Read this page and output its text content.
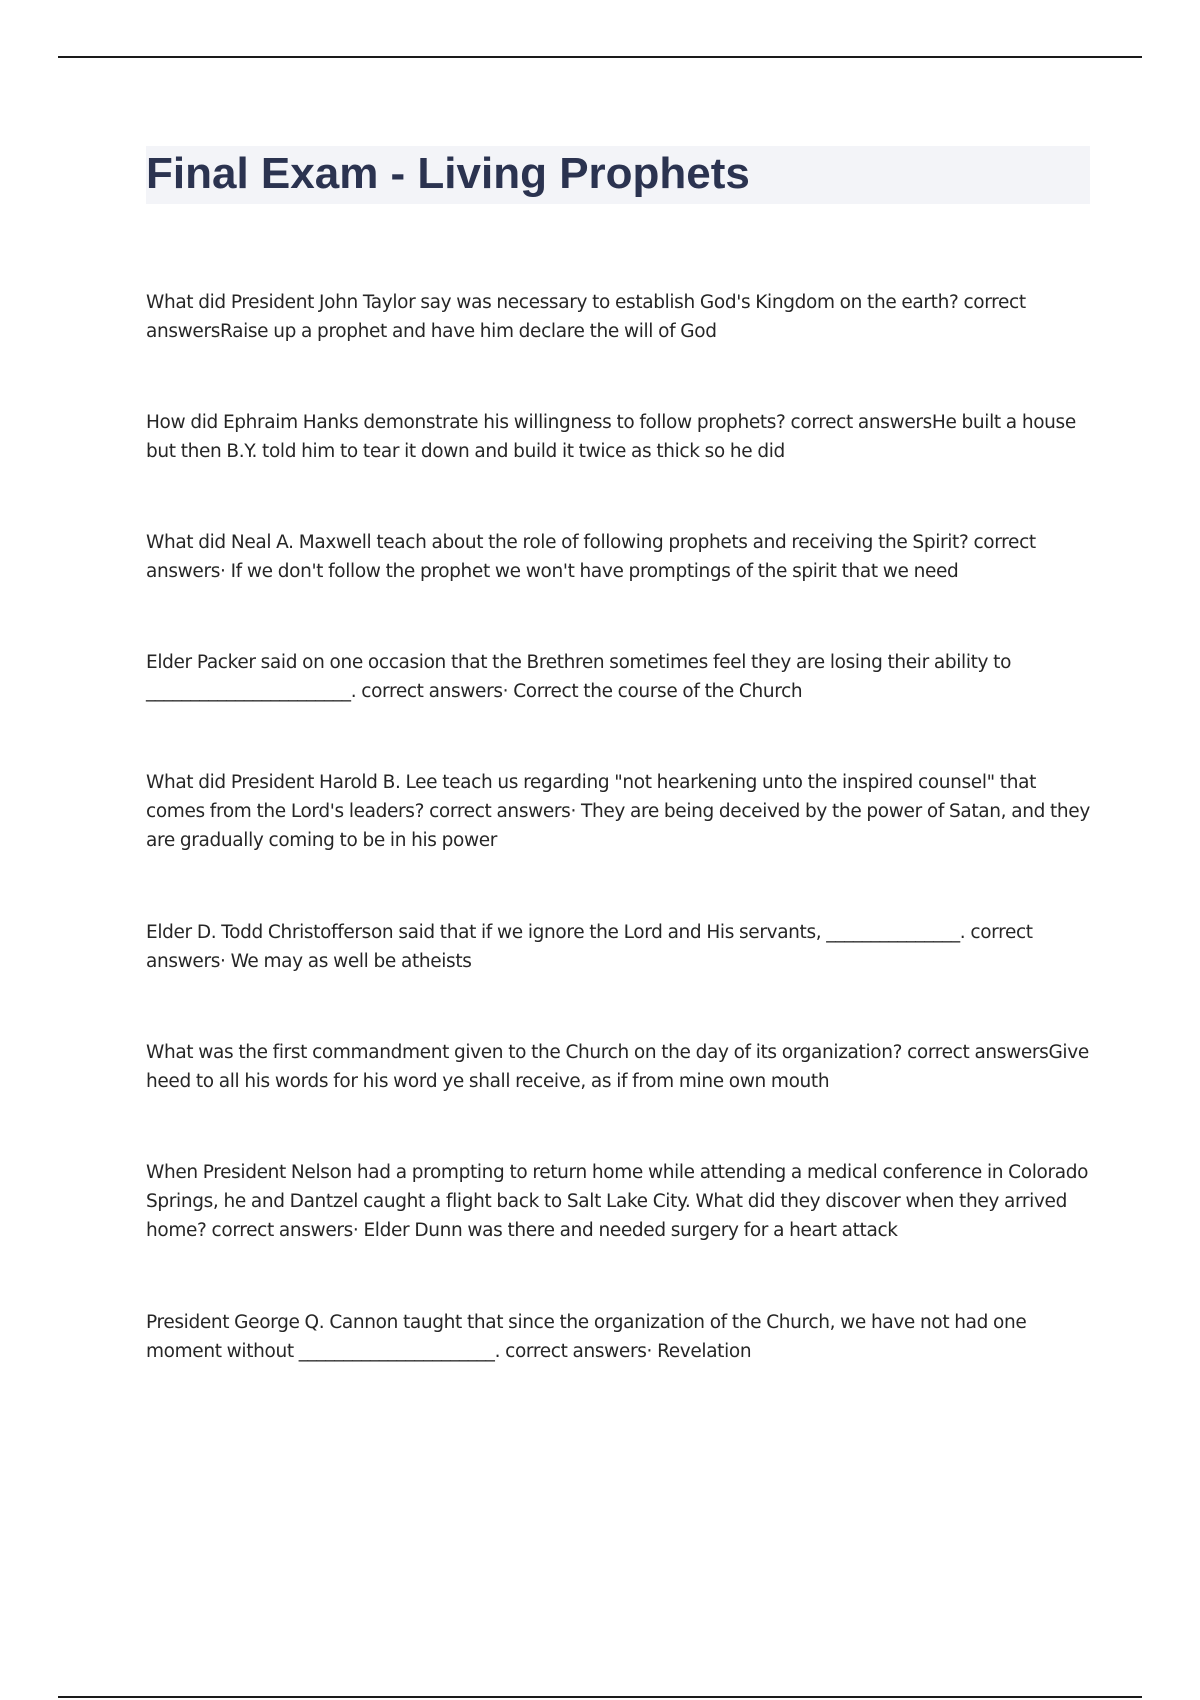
Final Exam - Living Prophets
What did President John Taylor say was necessary to establish God's Kingdom on the earth? correct answersRaise up a prophet and have him declare the will of God
How did Ephraim Hanks demonstrate his willingness to follow prophets? correct answersHe built a house but then B.Y. told him to tear it down and build it twice as thick so he did
What did Neal A. Maxwell teach about the role of following prophets and receiving the Spirit? correct answers· If we don't follow the prophet we won't have promptings of the spirit that we need
Elder Packer said on one occasion that the Brethren sometimes feel they are losing their ability to _______________________. correct answers· Correct the course of the Church
What did President Harold B. Lee teach us regarding "not hearkening unto the inspired counsel" that comes from the Lord's leaders? correct answers· They are being deceived by the power of Satan, and they are gradually coming to be in his power
Elder D. Todd Christofferson said that if we ignore the Lord and His servants, _______________. correct answers· We may as well be atheists
What was the first commandment given to the Church on the day of its organization? correct answersGive heed to all his words for his word ye shall receive, as if from mine own mouth
When President Nelson had a prompting to return home while attending a medical conference in Colorado Springs, he and Dantzel caught a flight back to Salt Lake City. What did they discover when they arrived home? correct answers· Elder Dunn was there and needed surgery for a heart attack
President George Q. Cannon taught that since the organization of the Church, we have not had one moment without ______________________. correct answers· Revelation
